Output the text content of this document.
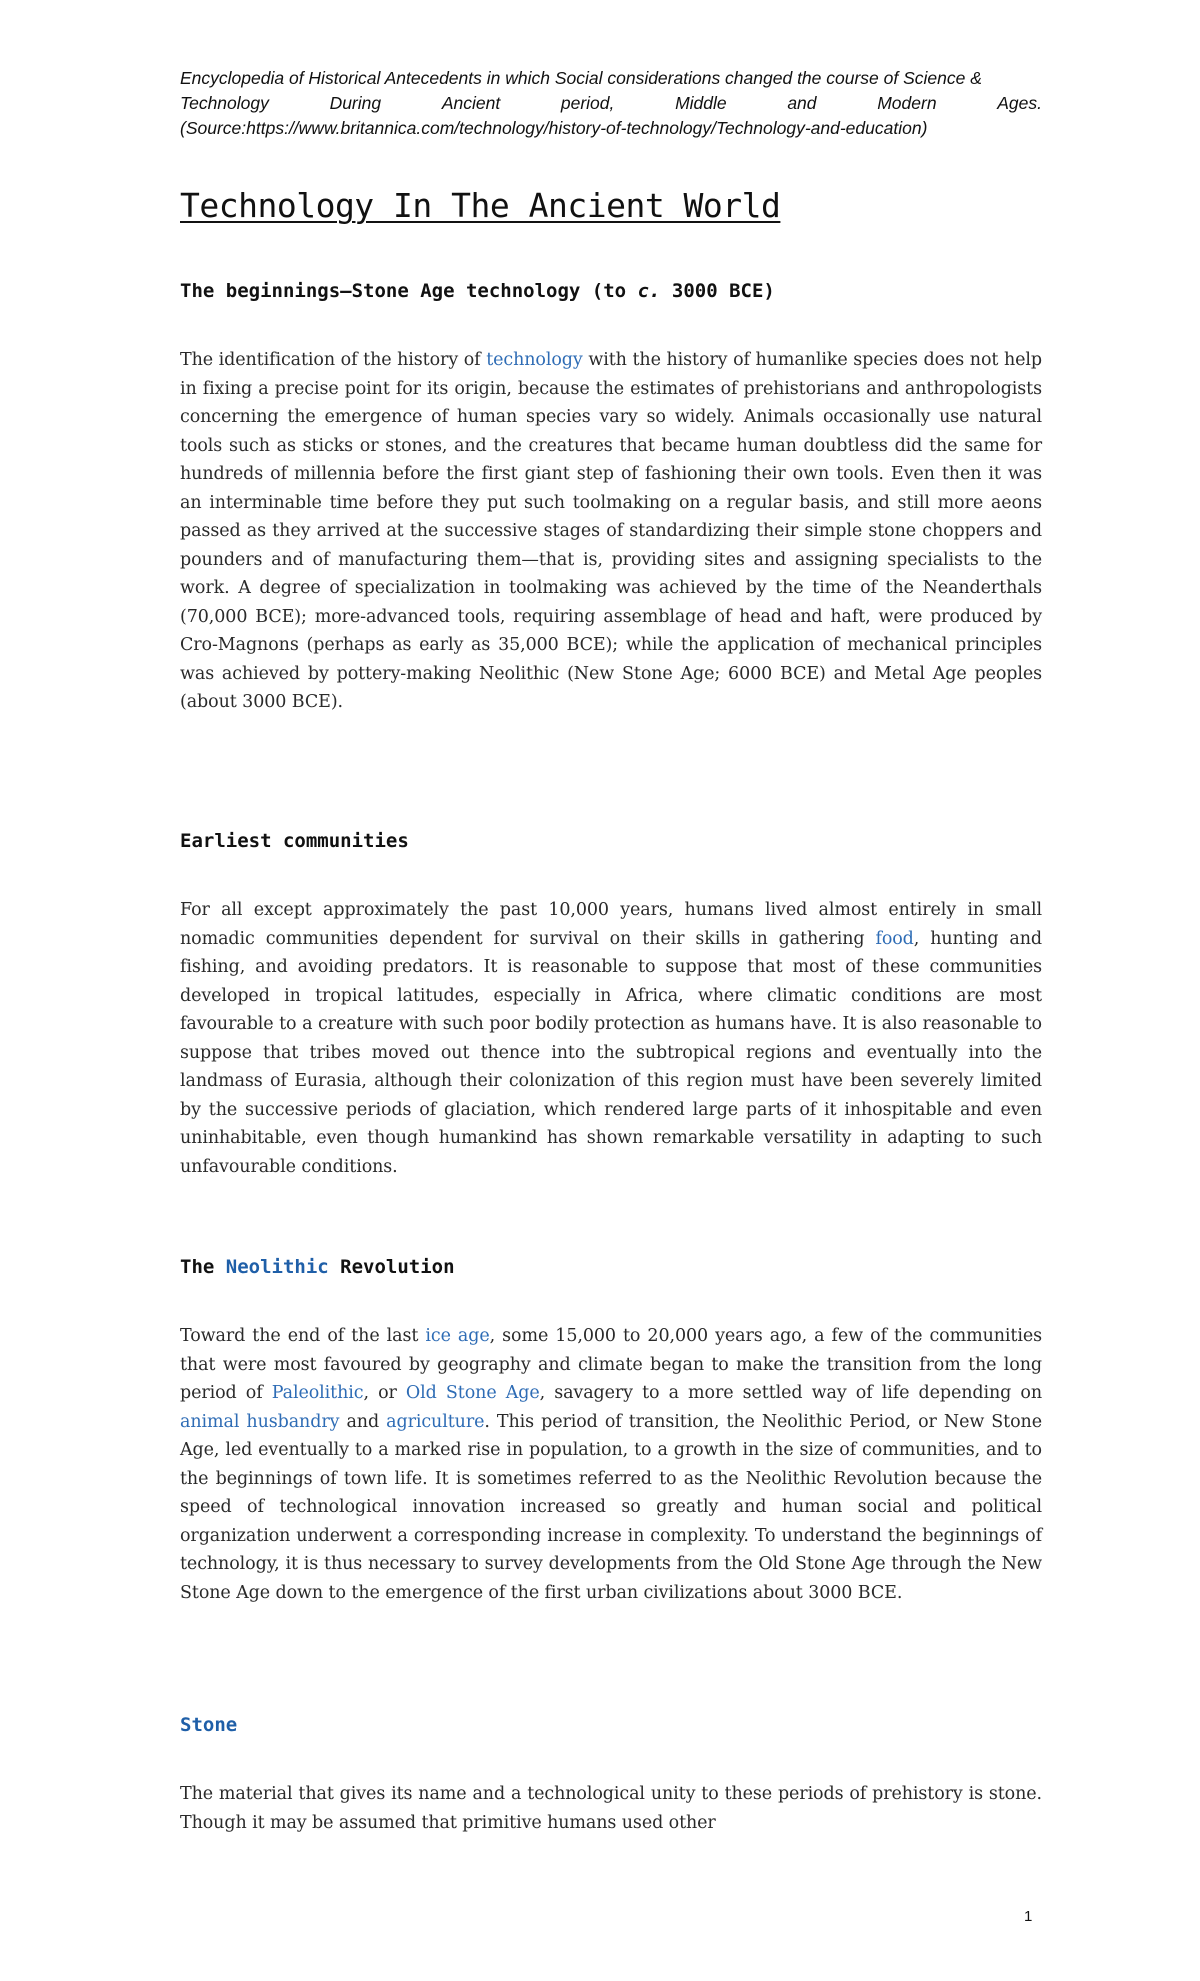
Encyclopedia of Historical Antecedents in which Social considerations changed the course of Science &
Technology	During	Ancient	period,	Middle	and	Modern	Ages.
(Source:https://www.britannica.com/technology/history-of-technology/Technology-and-education)
Technology In The Ancient World
The beginnings—Stone Age technology (to c. 3000 BCE)

The identification of the history of technology with the history of humanlike species does not help in fixing a precise point for its origin, because the estimates of prehistorians and anthropologists concerning the emergence of human species vary so widely. Animals occasionally use natural tools such as sticks or stones, and the creatures that became human doubtless did the same for hundreds of millennia before the first giant step of fashioning their own tools. Even then it was an interminable time before they put such toolmaking on a regular basis, and still more aeons passed as they arrived at the successive stages of standardizing their simple stone choppers and pounders and of manufacturing them—that is, providing sites and assigning specialists to the work. A degree of specialization in toolmaking was achieved by the time of the Neanderthals (70,000 BCE); more-advanced tools, requiring assemblage of head and haft, were produced by Cro-Magnons (perhaps as early as 35,000 BCE); while the application of mechanical principles was achieved by pottery-making Neolithic (New Stone Age; 6000 BCE) and Metal Age peoples (about 3000 BCE).

Earliest communities

For all except approximately the past 10,000 years, humans lived almost entirely in small nomadic communities dependent for survival on their skills in gathering food, hunting and fishing, and avoiding predators. It is reasonable to suppose that most of these communities developed in tropical latitudes, especially in Africa, where climatic conditions are most favourable to a creature with such poor bodily protection as humans have. It is also reasonable to suppose that tribes moved out thence into the subtropical regions and eventually into the landmass of Eurasia, although their colonization of this region must have been severely limited by the successive periods of glaciation, which rendered large parts of it inhospitable and even uninhabitable, even though humankind has shown remarkable versatility in adapting to such unfavourable conditions.

The Neolithic Revolution

Toward the end of the last ice age, some 15,000 to 20,000 years ago, a few of the communities that were most favoured by geography and climate began to make the transition from the long period of Paleolithic, or Old Stone Age, savagery to a more settled way of life depending on animal husbandry and agriculture. This period of transition, the Neolithic Period, or New Stone Age, led eventually to a marked rise in population, to a growth in the size of communities, and to the beginnings of town life. It is sometimes referred to as the Neolithic Revolution because the speed of technological innovation increased so greatly and human social and political organization underwent a corresponding increase in complexity. To understand the beginnings of technology, it is thus necessary to survey developments from the Old Stone Age through the New Stone Age down to the emergence of the first urban civilizations about 3000 BCE.

Stone

The material that gives its name and a technological unity to these periods of prehistory is stone. Though it may be assumed that primitive humans used other

1
